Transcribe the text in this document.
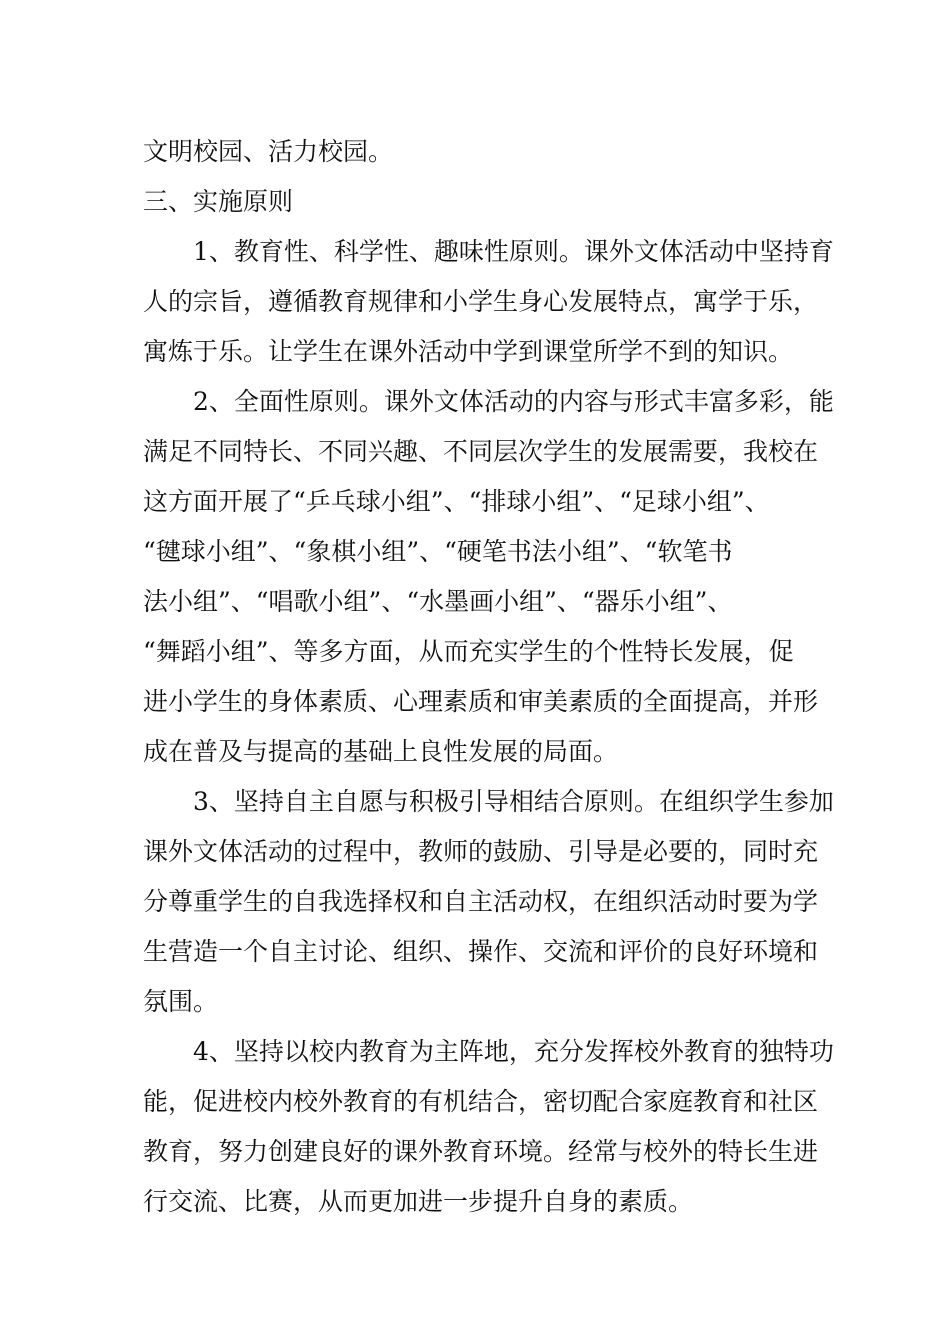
文明校园、活力校园。
三、实施原则
1、教育性、科学性、趣味性原则。课外文体活动中坚持育
人的宗旨，遵循教育规律和小学生身心发展特点，寓学于乐，
寓炼于乐。让学生在课外活动中学到课堂所学不到的知识。
2、全面性原则。课外文体活动的内容与形式丰富多彩，能
满足不同特长、不同兴趣、不同层次学生的发展需要，我校在
这方面开展了“乒乓球小组”、“排球小组”、“足球小组”、
“毽球小组”、“象棋小组”、“硬笔书法小组”、“软笔书
法小组”、“唱歌小组”、“水墨画小组”、“器乐小组”、
“舞蹈小组”、等多方面，从而充实学生的个性特长发展，促
进小学生的身体素质、心理素质和审美素质的全面提高，并形
成在普及与提高的基础上良性发展的局面。
3、坚持自主自愿与积极引导相结合原则。在组织学生参加
课外文体活动的过程中，教师的鼓励、引导是必要的，同时充
分尊重学生的自我选择权和自主活动权，在组织活动时要为学
生营造一个自主讨论、组织、操作、交流和评价的良好环境和
氛围。
4、坚持以校内教育为主阵地，充分发挥校外教育的独特功
能，促进校内校外教育的有机结合，密切配合家庭教育和社区
教育，努力创建良好的课外教育环境。经常与校外的特长生进
行交流、比赛，从而更加进一步提升自身的素质。
